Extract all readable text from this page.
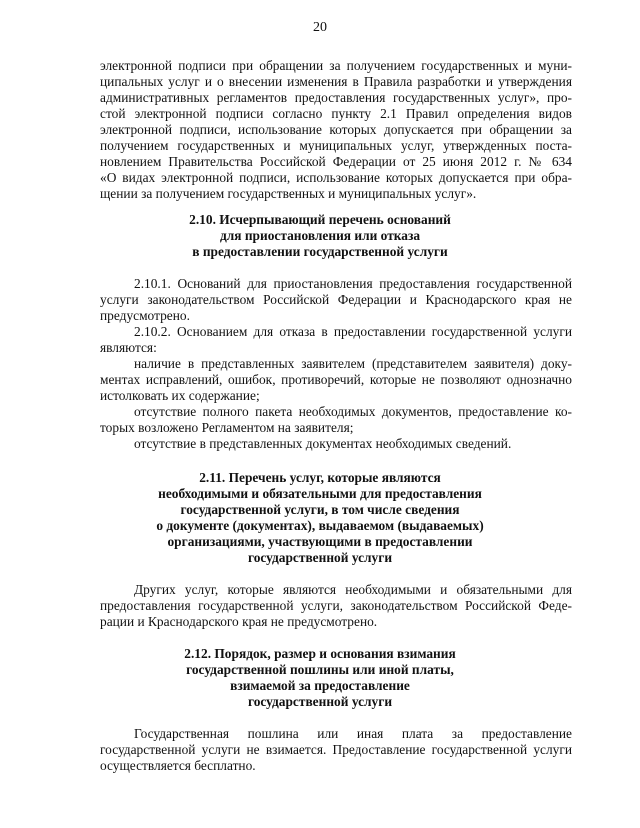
20
электронной подписи при обращении за получением государственных и муни-
ципальных услуг и о внесении изменения в Правила разработки и утверждения
административных регламентов предоставления государственных услуг», про-
стой электронной подписи согласно пункту 2.1 Правил определения видов
электронной подписи, использование которых допускается при обращении за
получением государственных и муниципальных услуг, утвержденных поста-
новлением Правительства Российской Федерации от 25 июня 2012 г. № 634
«О видах электронной подписи, использование которых допускается при обра-
щении за получением государственных и муниципальных услуг».
2.10. Исчерпывающий перечень оснований
для приостановления или отказа
в предоставлении государственной услуги
2.10.1. Оснований для приостановления предоставления государственной
услуги законодательством Российской Федерации и Краснодарского края не
предусмотрено.
2.10.2. Основанием для отказа в предоставлении государственной услуги
являются:
наличие в представленных заявителем (представителем заявителя) доку-
ментах исправлений, ошибок, противоречий, которые не позволяют однозначно
истолковать их содержание;
отсутствие полного пакета необходимых документов, предоставление ко-
торых возложено Регламентом на заявителя;
отсутствие в представленных документах необходимых сведений.
2.11. Перечень услуг, которые являются
необходимыми и обязательными для предоставления
государственной услуги, в том числе сведения
о документе (документах), выдаваемом (выдаваемых)
организациями, участвующими в предоставлении
государственной услуги
Других услуг, которые являются необходимыми и обязательными для
предоставления государственной услуги, законодательством Российской Феде-
рации и Краснодарского края не предусмотрено.
2.12. Порядок, размер и основания взимания
государственной пошлины или иной платы,
взимаемой за предоставление
государственной услуги
Государственная пошлина или иная плата за предоставление
государственной услуги не взимается. Предоставление государственной услуги
осуществляется бесплатно.
